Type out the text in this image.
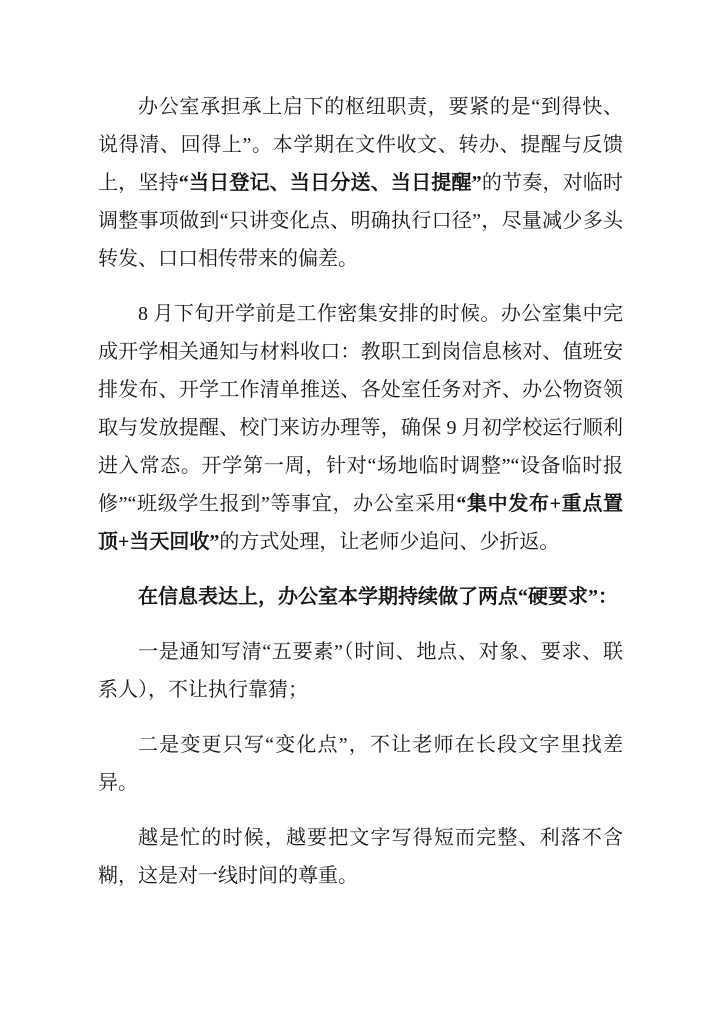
办公室承担承上启下的枢纽职责，要紧的是“到得快、说得清、回得上”。本学期在文件收文、转办、提醒与反馈上，坚持“当日登记、当日分送、当日提醒”的节奏，对临时调整事项做到“只讲变化点、明确执行口径”，尽量减少多头转发、口口相传带来的偏差。

8 月下旬开学前是工作密集安排的时候。办公室集中完成开学相关通知与材料收口：教职工到岗信息核对、值班安排发布、开学工作清单推送、各处室任务对齐、办公物资领取与发放提醒、校门来访办理等，确保 9 月初学校运行顺利进入常态。开学第一周，针对“场地临时调整”“设备临时报修”“班级学生报到”等事宜，办公室采用“集中发布+重点置顶+当天回收”的方式处理，让老师少追问、少折返。

在信息表达上，办公室本学期持续做了两点“硬要求”：

一是通知写清“五要素”（时间、地点、对象、要求、联系人），不让执行靠猜；

二是变更只写“变化点”，不让老师在长段文字里找差异。

越是忙的时候，越要把文字写得短而完整、利落不含糊，这是对一线时间的尊重。
